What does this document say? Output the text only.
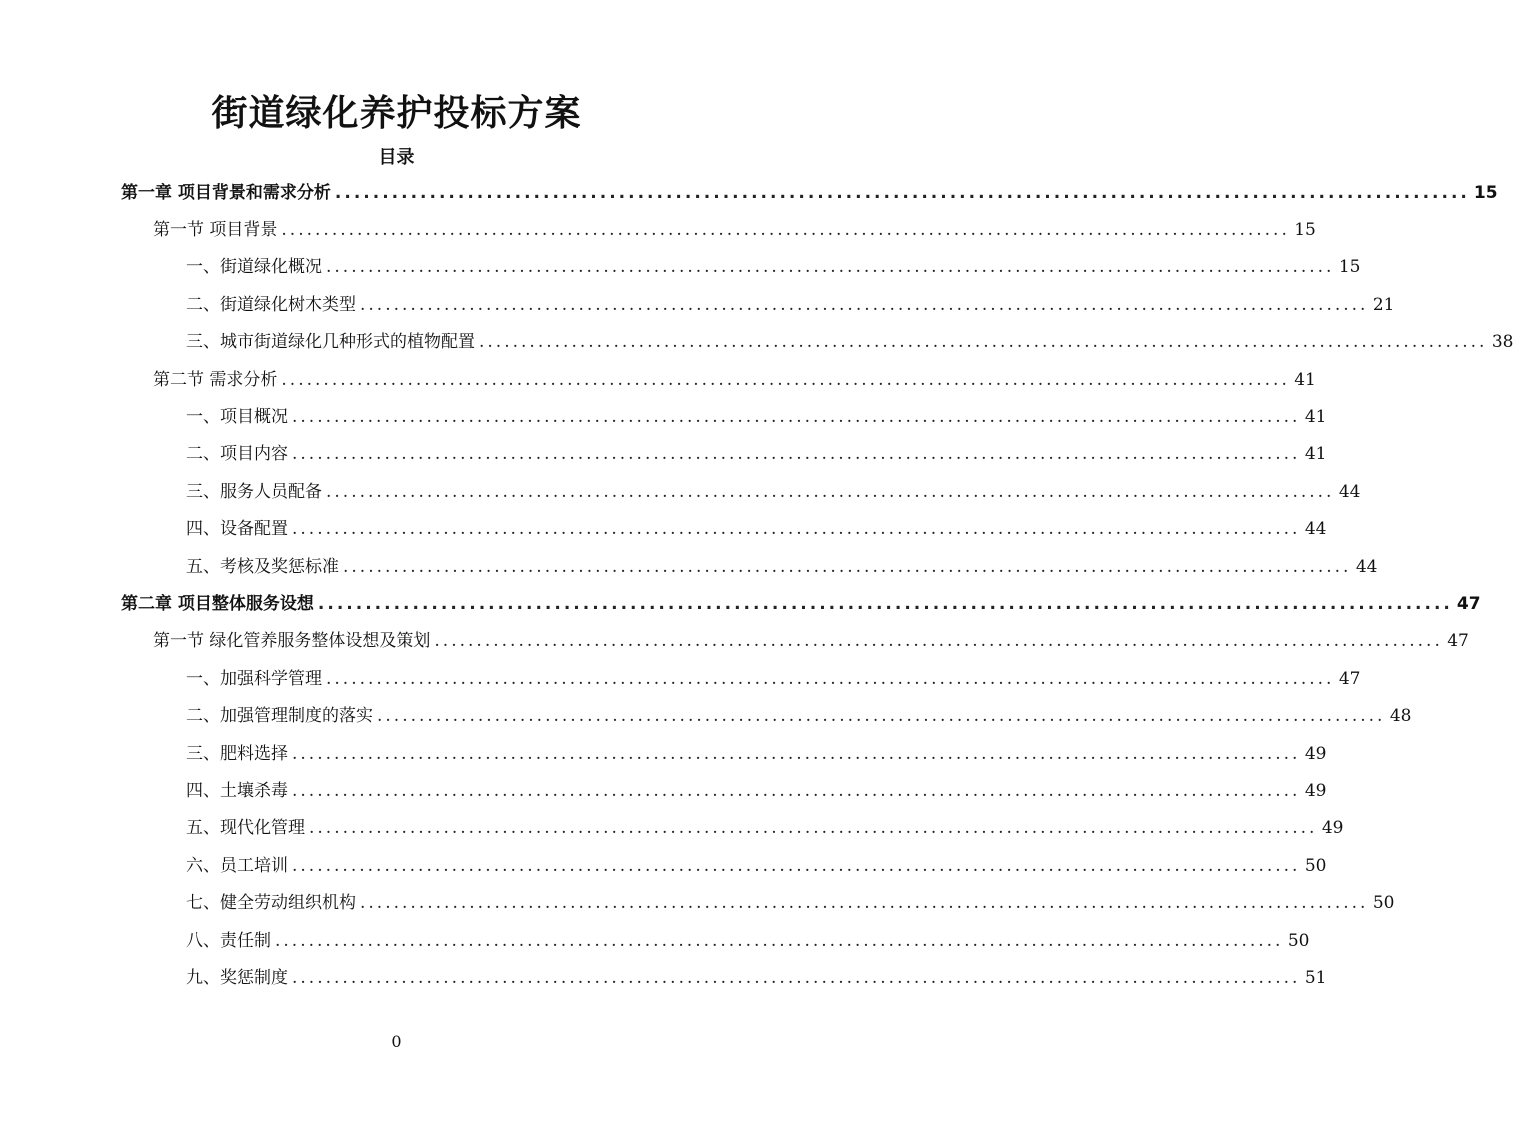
街道绿化养护投标方案
目录
第一章 项目背景和需求分析 ........................................................................................................................ 15
第一节 项目背景 ........................................................................................................................ 15
一、街道绿化概况 ........................................................................................................................ 15
二、街道绿化树木类型 ........................................................................................................................ 21
三、城市街道绿化几种形式的植物配置 ........................................................................................................................ 38
第二节 需求分析 ........................................................................................................................ 41
一、项目概况 ........................................................................................................................ 41
二、项目内容 ........................................................................................................................ 41
三、服务人员配备 ........................................................................................................................ 44
四、设备配置 ........................................................................................................................ 44
五、考核及奖惩标准 ........................................................................................................................ 44
第二章 项目整体服务设想 ........................................................................................................................ 47
第一节 绿化管养服务整体设想及策划 ........................................................................................................................ 47
一、加强科学管理 ........................................................................................................................ 47
二、加强管理制度的落实 ........................................................................................................................ 48
三、肥料选择 ........................................................................................................................ 49
四、土壤杀毒 ........................................................................................................................ 49
五、现代化管理 ........................................................................................................................ 49
六、员工培训 ........................................................................................................................ 50
七、健全劳动组织机构 ........................................................................................................................ 50
八、责任制 ........................................................................................................................ 50
九、奖惩制度 ........................................................................................................................ 51
0
